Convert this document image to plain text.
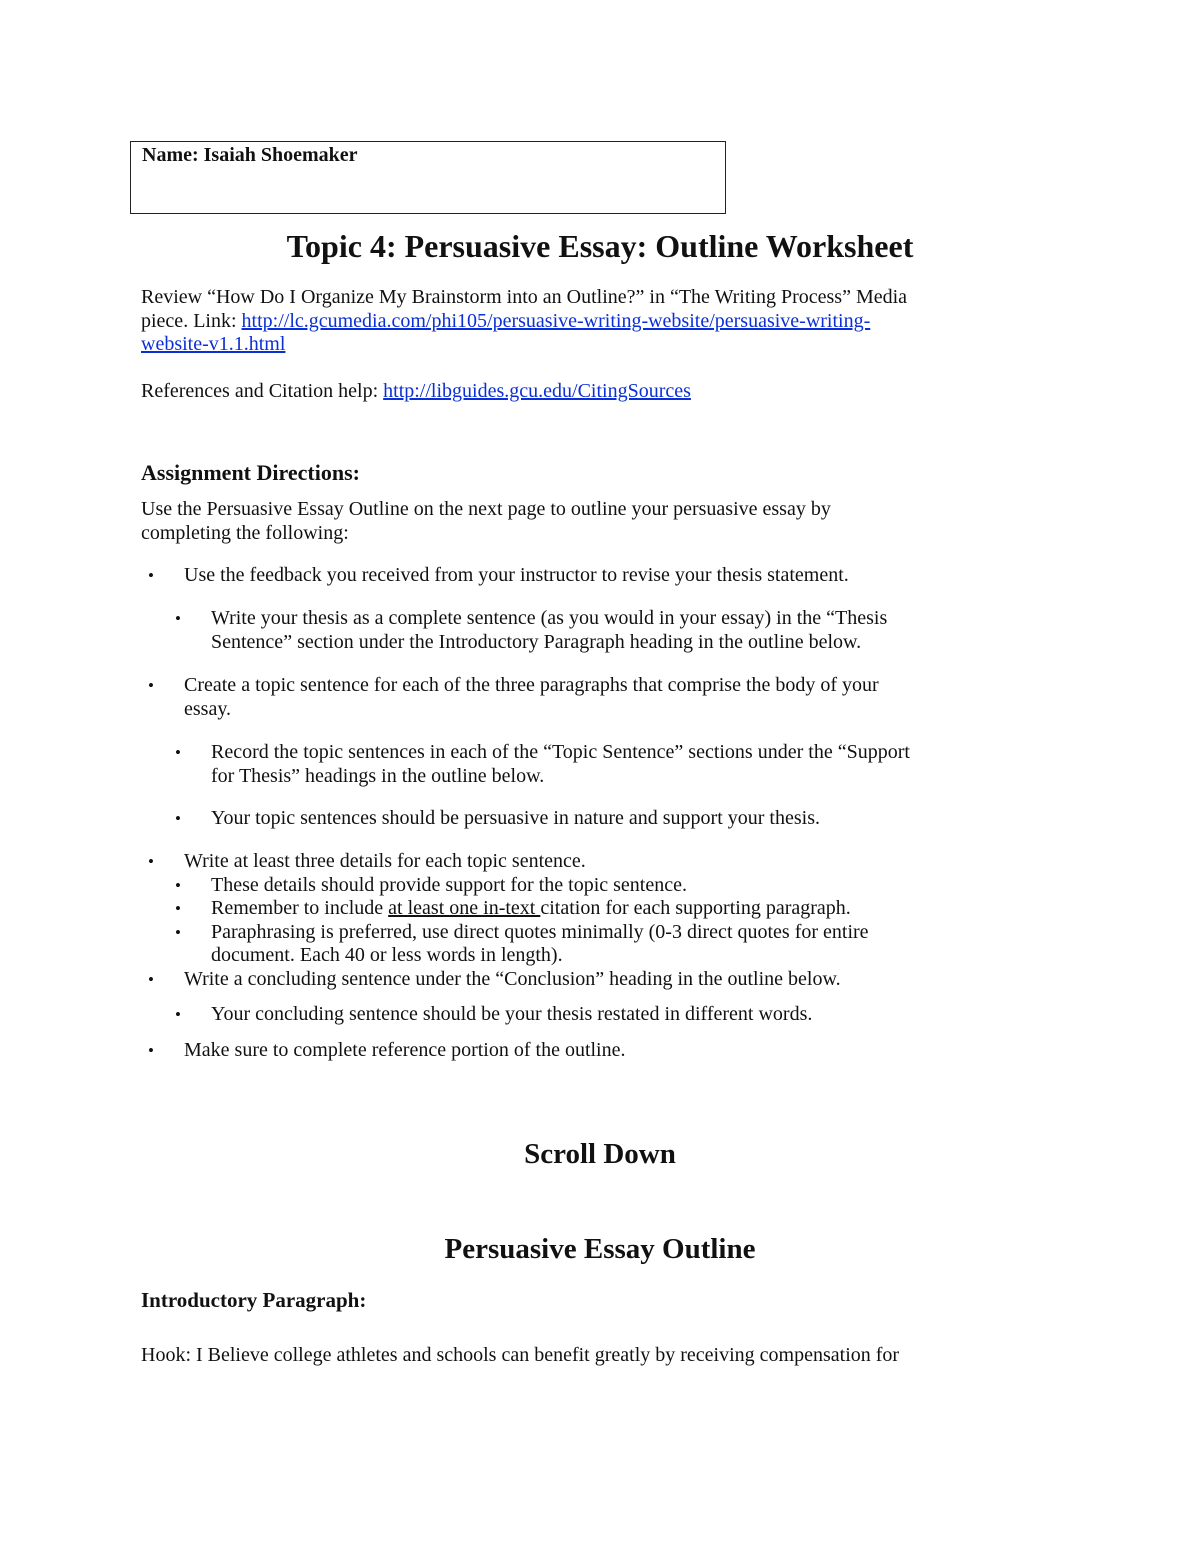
Name: Isaiah Shoemaker
Topic 4: Persuasive Essay: Outline Worksheet
Review “How Do I Organize My Brainstorm into an Outline?” in “The Writing Process” Media
piece. Link: http://lc.gcumedia.com/phi105/persuasive-writing-website/persuasive-writing-
website-v1.1.html
References and Citation help: http://libguides.gcu.edu/CitingSources
Assignment Directions:
Use the Persuasive Essay Outline on the next page to outline your persuasive essay by
completing the following:
• Use the feedback you received from your instructor to revise your thesis statement.
• Write your thesis as a complete sentence (as you would in your essay) in the “Thesis
Sentence” section under the Introductory Paragraph heading in the outline below.
• Create a topic sentence for each of the three paragraphs that comprise the body of your
essay.
• Record the topic sentences in each of the “Topic Sentence” sections under the “Support
for Thesis” headings in the outline below.
• Your topic sentences should be persuasive in nature and support your thesis.
• Write at least three details for each topic sentence.
• These details should provide support for the topic sentence.
• Remember to include at least one in-text citation for each supporting paragraph.
• Paraphrasing is preferred, use direct quotes minimally (0-3 direct quotes for entire
document. Each 40 or less words in length).
• Write a concluding sentence under the “Conclusion” heading in the outline below.
• Your concluding sentence should be your thesis restated in different words.
• Make sure to complete reference portion of the outline.
Scroll Down
Persuasive Essay Outline
Introductory Paragraph:
Hook: I Believe college athletes and schools can benefit greatly by receiving compensation for
